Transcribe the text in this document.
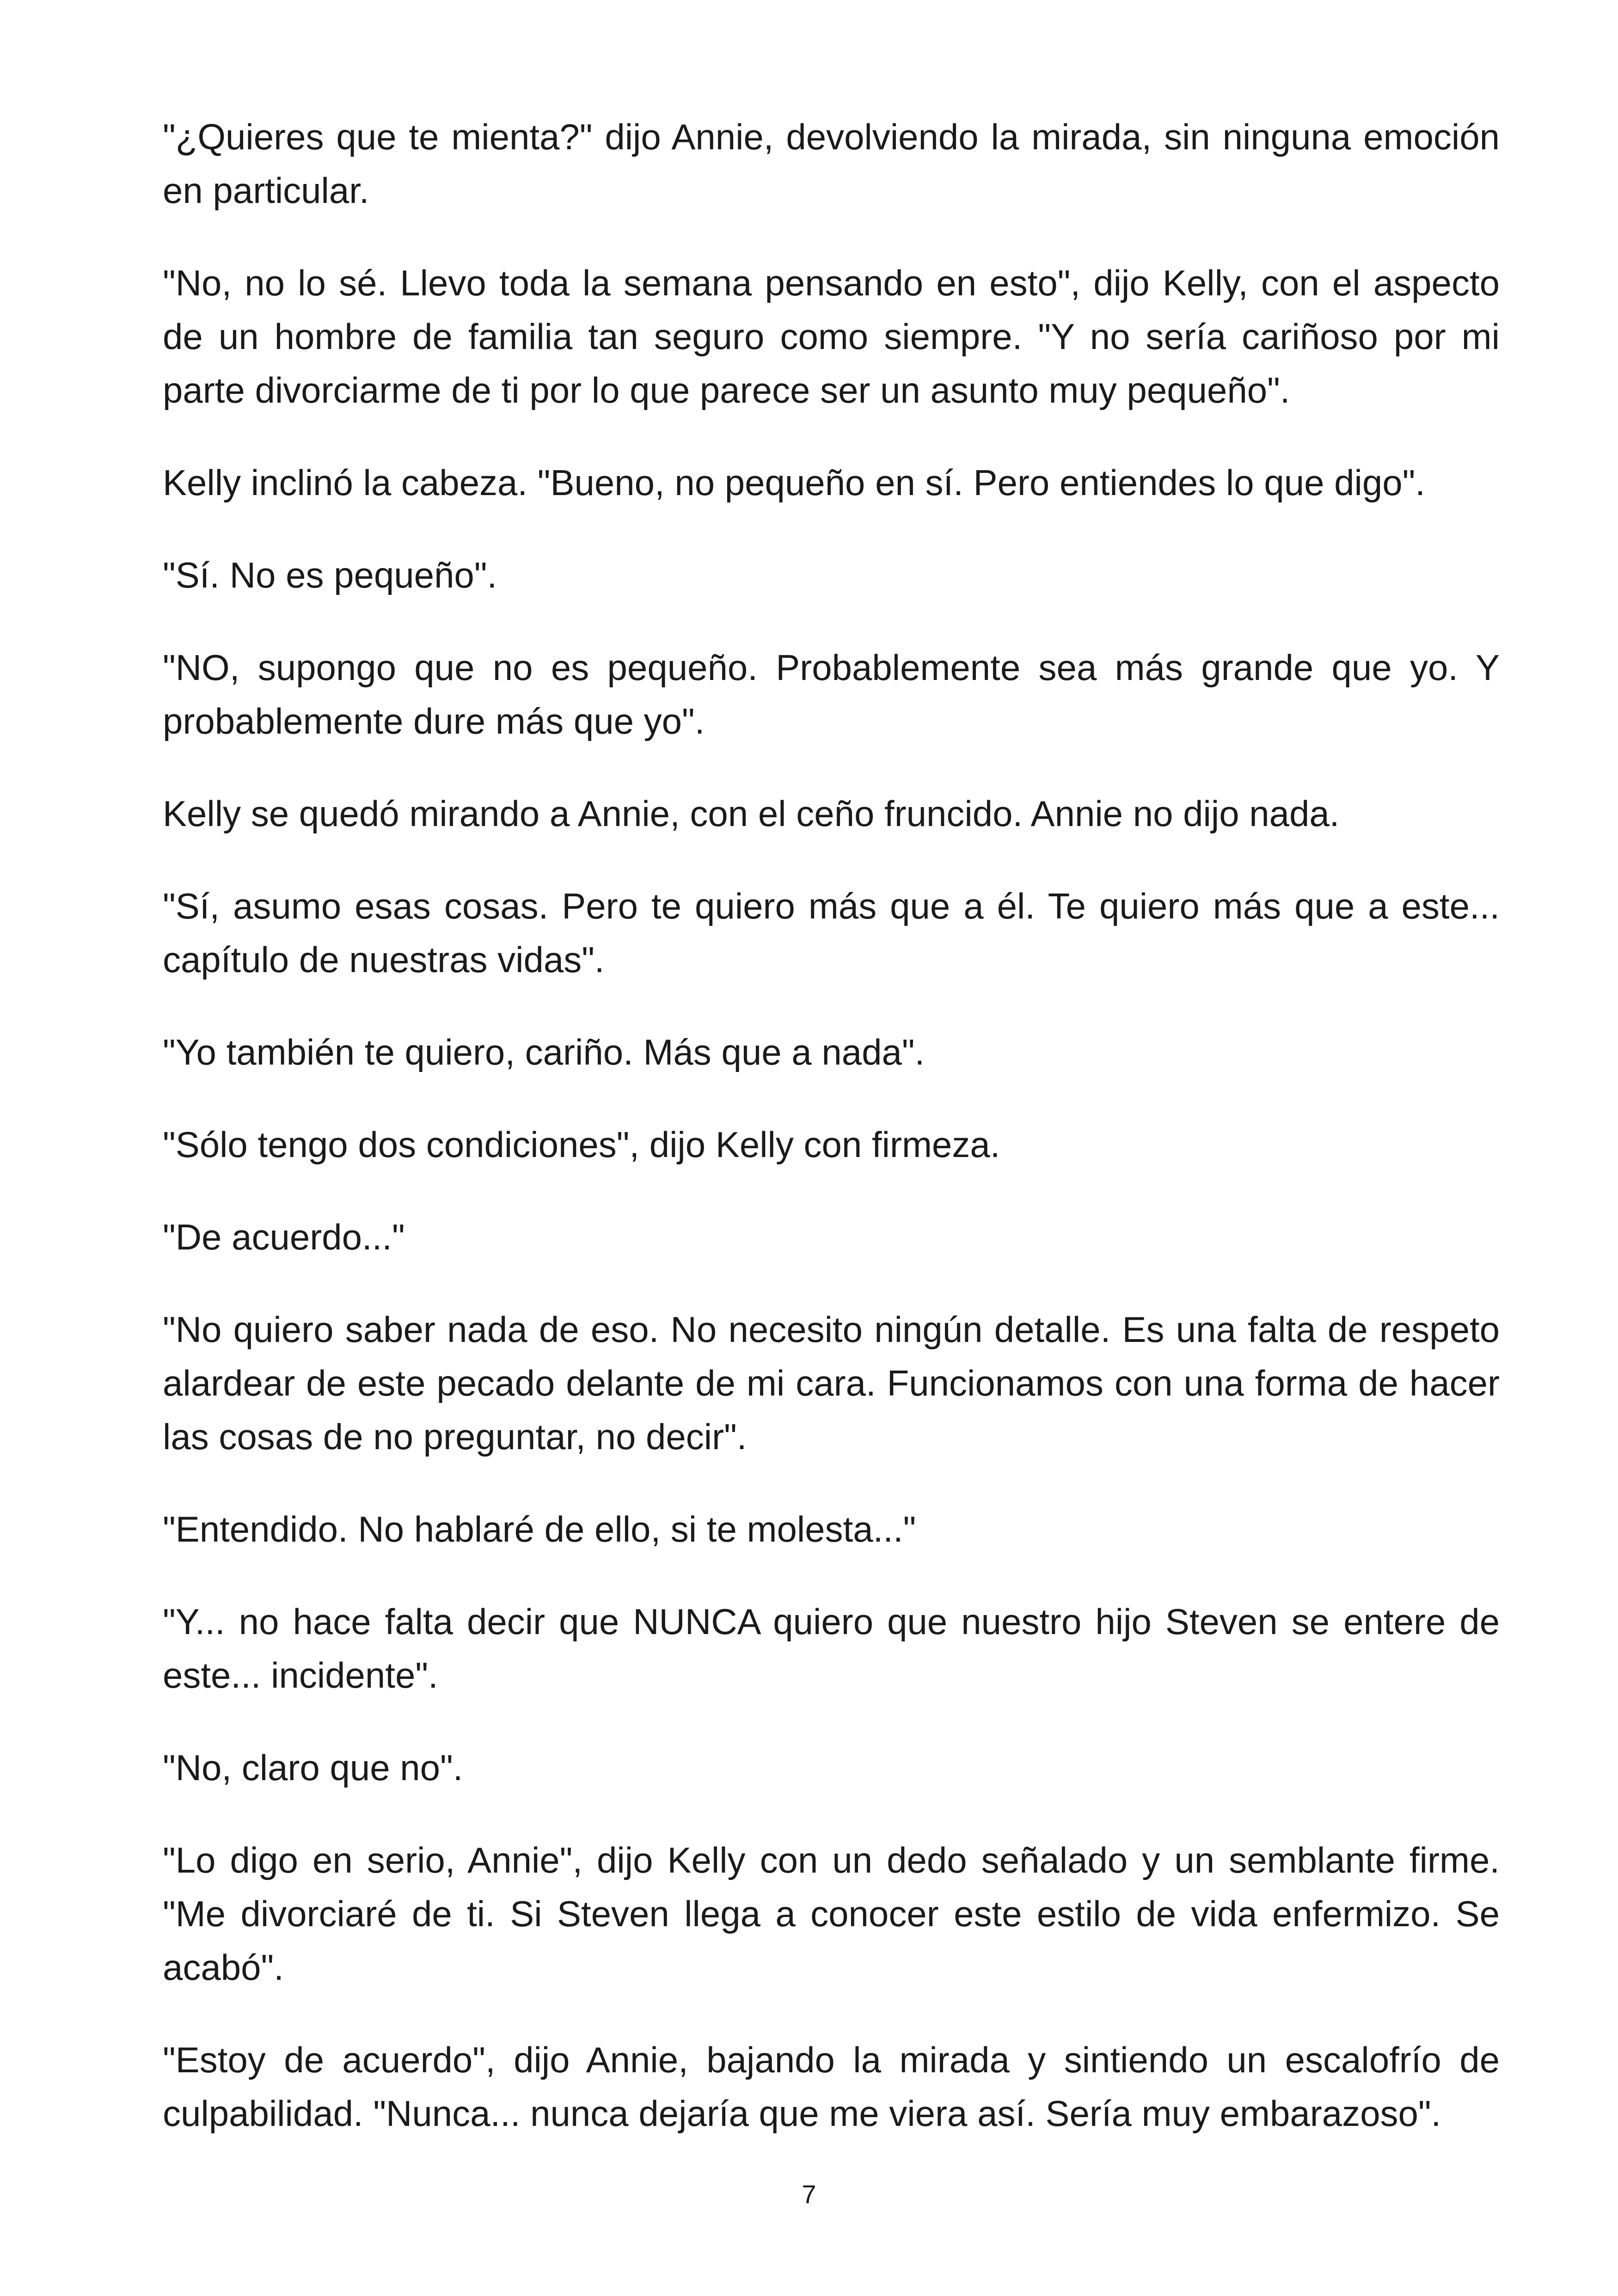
"¿Quieres que te mienta?" dijo Annie, devolviendo la mirada, sin ninguna emoción en particular.

"No, no lo sé. Llevo toda la semana pensando en esto", dijo Kelly, con el aspecto de un hombre de familia tan seguro como siempre. "Y no sería cariñoso por mi parte divorciarme de ti por lo que parece ser un asunto muy pequeño".

Kelly inclinó la cabeza. "Bueno, no pequeño en sí. Pero entiendes lo que digo".

"Sí. No es pequeño".

"NO, supongo que no es pequeño. Probablemente sea más grande que yo. Y probablemente dure más que yo".

Kelly se quedó mirando a Annie, con el ceño fruncido. Annie no dijo nada.

"Sí, asumo esas cosas. Pero te quiero más que a él. Te quiero más que a este... capítulo de nuestras vidas".

"Yo también te quiero, cariño. Más que a nada".

"Sólo tengo dos condiciones", dijo Kelly con firmeza.

"De acuerdo..."

"No quiero saber nada de eso. No necesito ningún detalle. Es una falta de respeto alardear de este pecado delante de mi cara. Funcionamos con una forma de hacer las cosas de no preguntar, no decir".

"Entendido. No hablaré de ello, si te molesta..."

"Y... no hace falta decir que NUNCA quiero que nuestro hijo Steven se entere de este... incidente".

"No, claro que no".

"Lo digo en serio, Annie", dijo Kelly con un dedo señalado y un semblante firme. "Me divorciaré de ti. Si Steven llega a conocer este estilo de vida enfermizo. Se acabó".

"Estoy de acuerdo", dijo Annie, bajando la mirada y sintiendo un escalofrío de culpabilidad. "Nunca... nunca dejaría que me viera así. Sería muy embarazoso".

7
